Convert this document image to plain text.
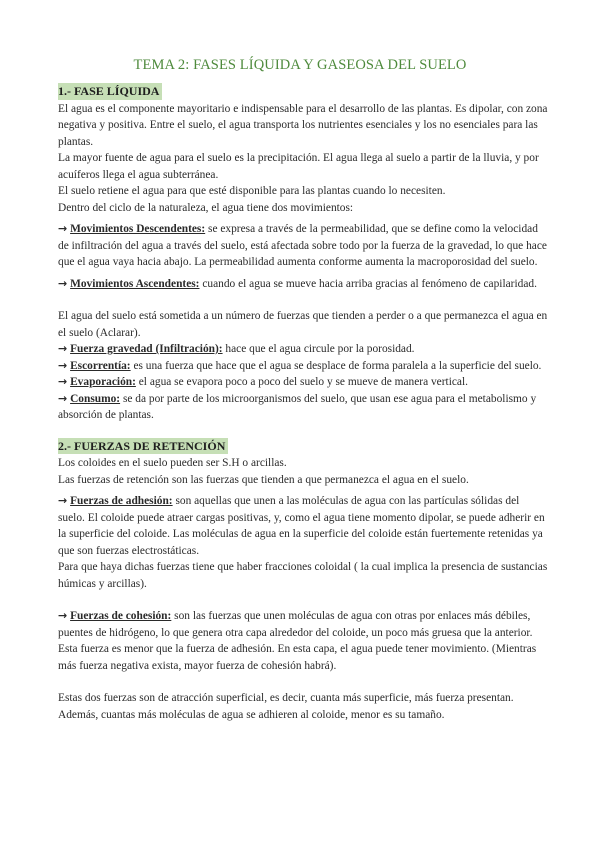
TEMA 2: FASES LÍQUIDA Y GASEOSA DEL SUELO
1.- FASE LÍQUIDA

El agua es el componente mayoritario e indispensable para el desarrollo de las plantas. Es dipolar, con zona negativa y positiva. Entre el suelo, el agua transporta los nutrientes esenciales y los no esenciales para las plantas.

La mayor fuente de agua para el suelo es la precipitación. El agua llega al suelo a partir de la lluvia, y por acuíferos llega el agua subterránea.

El suelo retiene el agua para que esté disponible para las plantas cuando lo necesiten.

Dentro del ciclo de la naturaleza, el agua tiene dos movimientos:

→ Movimientos Descendentes: se expresa a través de la permeabilidad, que se define como la velocidad de infiltración del agua a través del suelo, está afectada sobre todo por la fuerza de la gravedad, lo que hace que el agua vaya hacia abajo. La permeabilidad aumenta conforme aumenta la macroporosidad del suelo.

→ Movimientos Ascendentes: cuando el agua se mueve hacia arriba gracias al fenómeno de capilaridad.

El agua del suelo está sometida a un número de fuerzas que tienden a perder o a que permanezca el agua en el suelo (Aclarar).

→ Fuerza gravedad (Infiltración): hace que el agua circule por la porosidad.

→ Escorrentía: es una fuerza que hace que el agua se desplace de forma paralela a la superficie del suelo.

→ Evaporación: el agua se evapora poco a poco del suelo y se mueve de manera vertical.

→ Consumo: se da por parte de los microorganismos del suelo, que usan ese agua para el metabolismo y absorción de plantas.

2.- FUERZAS DE RETENCIÓN

Los coloides en el suelo pueden ser S.H o arcillas.

Las fuerzas de retención son las fuerzas que tienden a que permanezca el agua en el suelo.

→ Fuerzas de adhesión: son aquellas que unen a las moléculas de agua con las partículas sólidas del suelo. El coloide puede atraer cargas positivas, y, como el agua tiene momento dipolar, se puede adherir en la superficie del coloide. Las moléculas de agua en la superficie del coloide están fuertemente retenidas ya que son fuerzas electrostáticas.

Para que haya dichas fuerzas tiene que haber fracciones coloidal ( la cual implica la presencia de sustancias húmicas y arcillas).

→ Fuerzas de cohesión: son las fuerzas que unen moléculas de agua con otras por enlaces más débiles, puentes de hidrógeno, lo que genera otra capa alrededor del coloide, un poco más gruesa que la anterior. Esta fuerza es menor que la fuerza de adhesión. En esta capa, el agua puede tener movimiento. (Mientras más fuerza negativa exista, mayor fuerza de cohesión habrá).

Estas dos fuerzas son de atracción superficial, es decir, cuanta más superficie, más fuerza presentan. Además, cuantas más moléculas de agua se adhieren al coloide, menor es su tamaño.
